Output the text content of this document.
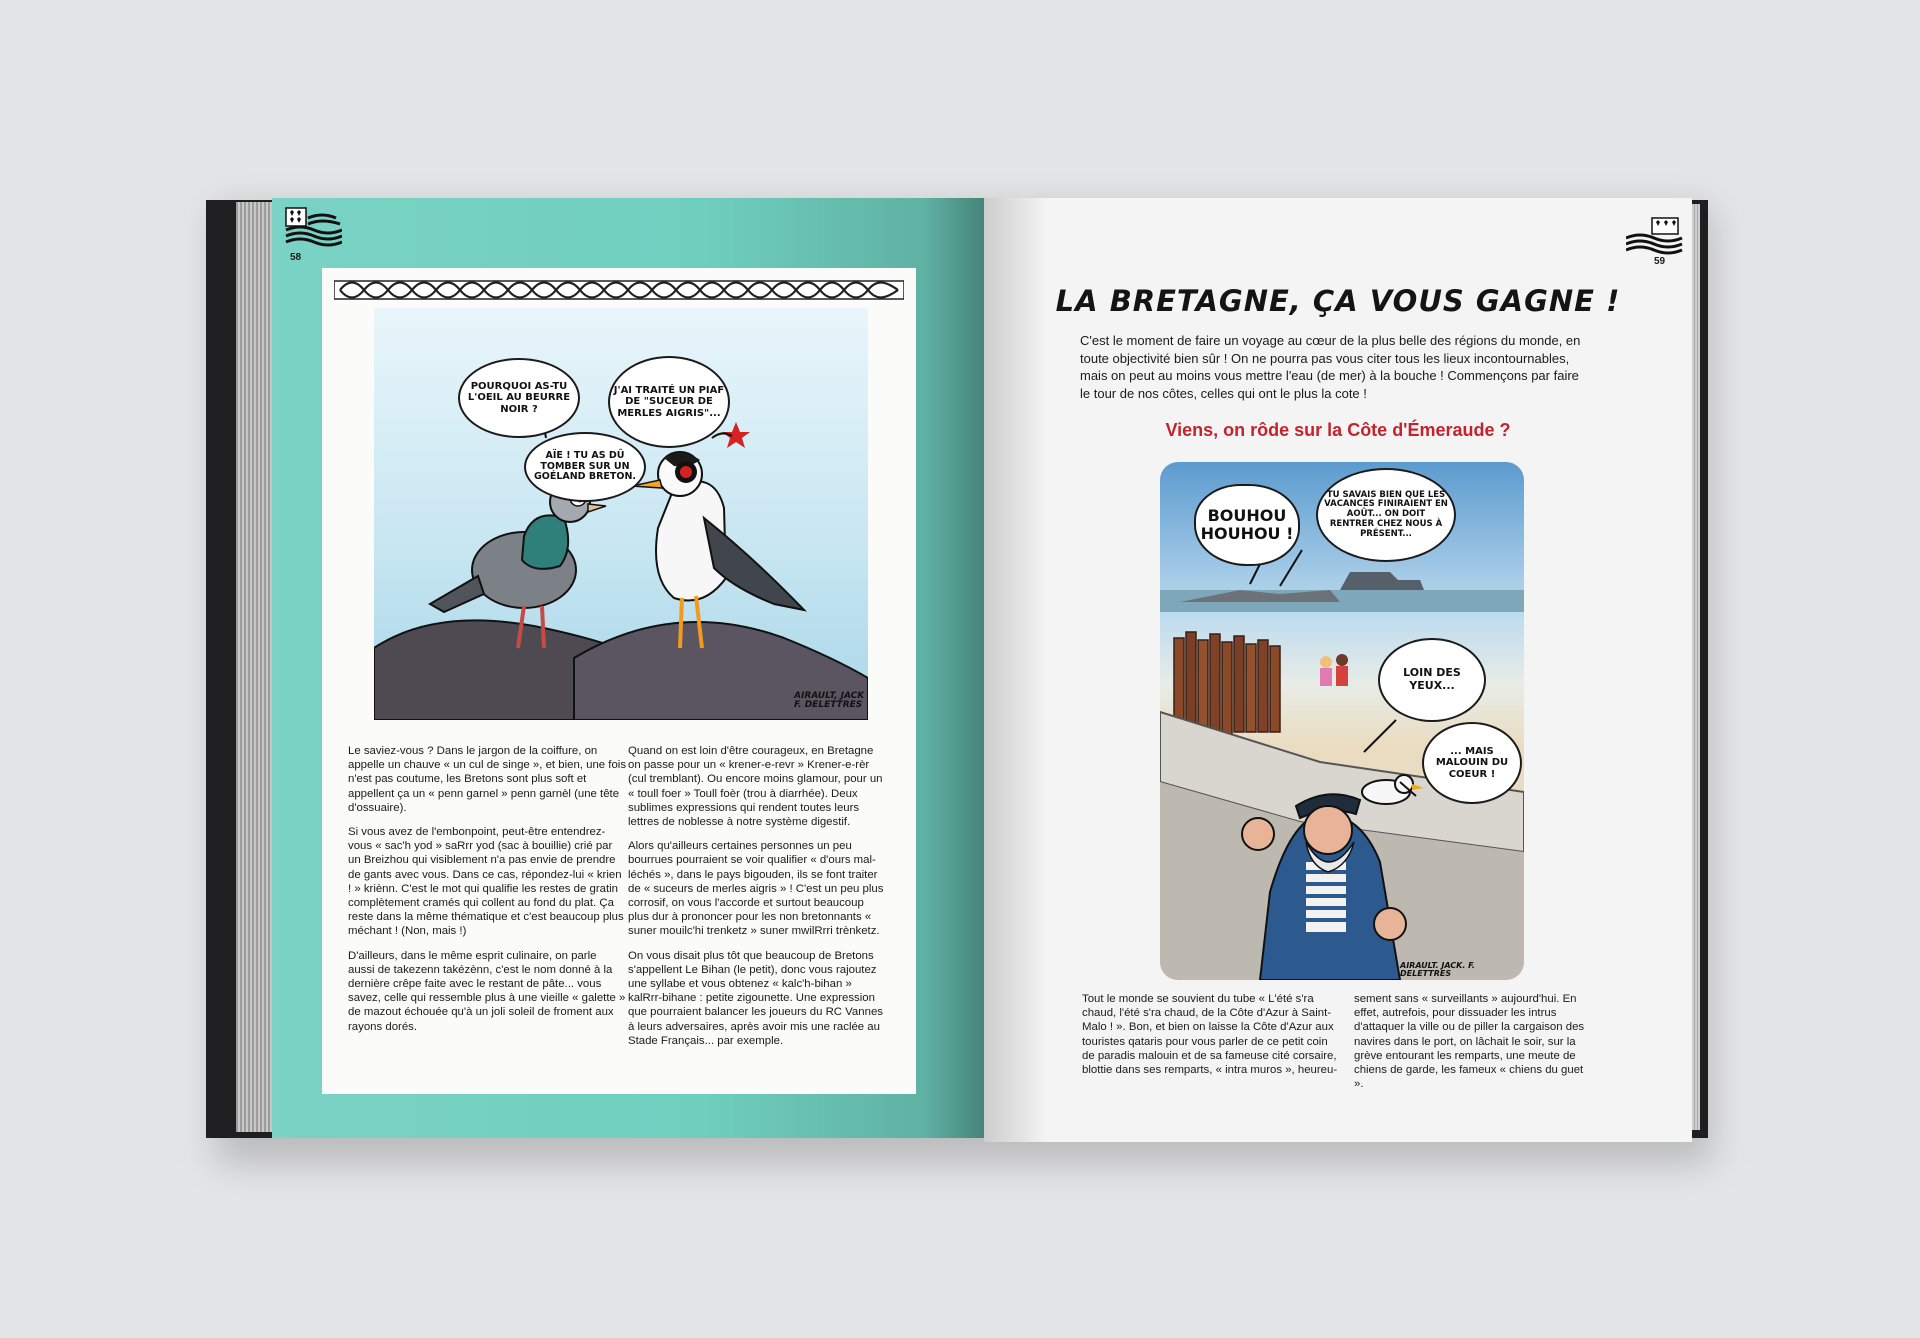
58
POURQUOI AS-TU L'OEIL AU BEURRE NOIR ?
J'AI TRAITÉ UN PIAF DE "SUCEUR DE MERLES AIGRIS"...
AÏE ! TU AS DÛ TOMBER SUR UN GOÉLAND BRETON.
AIRAULT, JACK
F. DELETTRES

Le saviez-vous ? Dans le jargon de la coiffure, on appelle un chauve « un cul de singe », et bien, une fois n'est pas coutume, les Bretons sont plus soft et appellent ça un « penn garnel » penn garnèl (une tête d'ossuaire).

Si vous avez de l'embonpoint, peut-être entendrez-vous « sac'h yod » saRrr yod (sac à bouillie) crié par un Breizhou qui visiblement n'a pas envie de prendre de gants avec vous. Dans ce cas, répondez-lui « krien ! » kriènn. C'est le mot qui qualifie les restes de gratin complètement cramés qui collent au fond du plat. Ça reste dans la même thématique et c'est beaucoup plus méchant ! (Non, mais !)

D'ailleurs, dans le même esprit culinaire, on parle aussi de takezenn takézènn, c'est le nom donné à la dernière crêpe faite avec le restant de pâte... vous savez, celle qui ressemble plus à une vieille « galette » de mazout échouée qu'à un joli soleil de froment aux rayons dorés.

Quand on est loin d'être courageux, en Bretagne on passe pour un « krener-e-revr » Krener-e-rèr (cul tremblant). Ou encore moins glamour, pour un « toull foer » Toull foèr (trou à diarrhée). Deux sublimes expressions qui rendent toutes leurs lettres de noblesse à notre système digestif.

Alors qu'ailleurs certaines personnes un peu bourrues pourraient se voir qualifier « d'ours mal-léchés », dans le pays bigouden, ils se font traiter de « suceurs de merles aigris » ! C'est un peu plus corrosif, on vous l'accorde et surtout beaucoup plus dur à prononcer pour les non bretonnants « suner mouilc'hi trenketz » suner mwilRrri trènketz.

On vous disait plus tôt que beaucoup de Bretons s'appellent Le Bihan (le petit), donc vous rajoutez une syllabe et vous obtenez « kalc'h-bihan » kalRrr-bihane : petite zigounette. Une expression que pourraient balancer les joueurs du RC Vannes à leurs adversaires, après avoir mis une raclée au Stade Français... par exemple.

59
LA BRETAGNE, ÇA VOUS GAGNE !
C'est le moment de faire un voyage au cœur de la plus belle des régions du monde, en toute objectivité bien sûr ! On ne pourra pas vous citer tous les lieux incontournables, mais on peut au moins vous mettre l'eau (de mer) à la bouche ! Commençons par faire le tour de nos côtes, celles qui ont le plus la cote !
Viens, on rôde sur la Côte d'Émeraude ?
BOUHOU HOUHOU !
TU SAVAIS BIEN QUE LES VACANCES FINIRAIENT EN AOÛT... ON DOIT RENTRER CHEZ NOUS À PRÉSENT...
LOIN DES YEUX...
... MAIS MALOUIN DU COEUR !
AIRAULT. JACK. F. DELETTRES

Tout le monde se souvient du tube « L'été s'ra chaud, l'été s'ra chaud, de la Côte d'Azur à Saint-Malo ! ». Bon, et bien on laisse la Côte d'Azur aux touristes qataris pour vous parler de ce petit coin de paradis malouin et de sa fameuse cité corsaire, blottie dans ses remparts, « intra muros », heureu-

sement sans « surveillants » aujourd'hui. En effet, autrefois, pour dissuader les intrus d'attaquer la ville ou de piller la cargaison des navires dans le port, on lâchait le soir, sur la grève entourant les remparts, une meute de chiens de garde, les fameux « chiens du guet ».
